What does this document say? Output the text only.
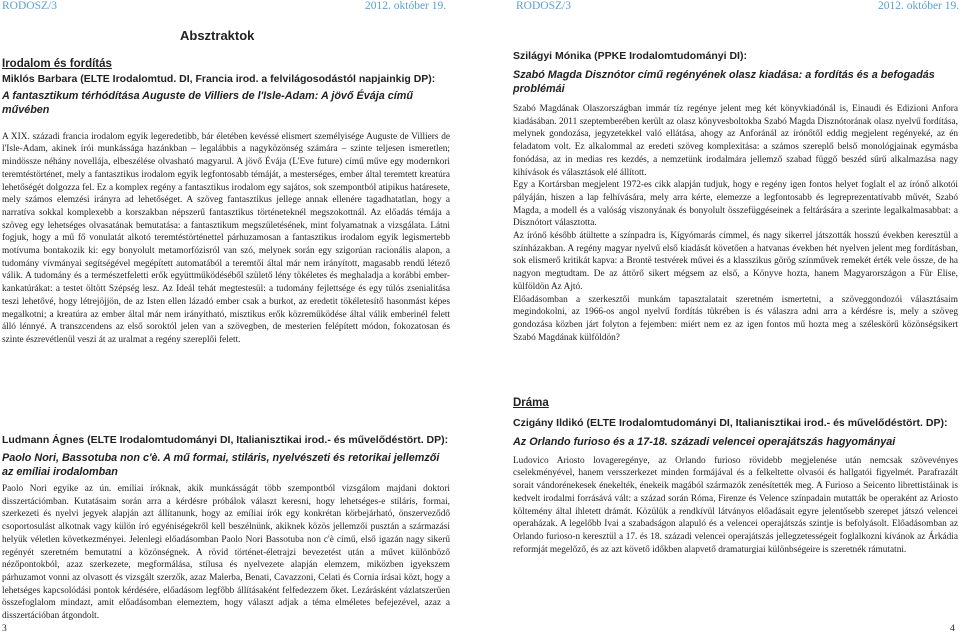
RODOSZ/3	2012. október 19.
Absztraktok
Irodalom és fordítás
Miklós Barbara (ELTE Irodalomtud. DI, Francia irod. a felvilágosodástól napjainkig DP):
A fantasztikum térhódítása Auguste de Villiers de l'Isle-Adam: A jövő Évája című művében
A XIX. századi francia irodalom egyik legeredetibb, bár életében kevéssé elismert személyisége Auguste de Villiers de l'Isle-Adam, akinek írói munkássága hazánkban – legalábbis a nagyközönség számára – szinte teljesen ismeretlen; mindössze néhány novellája, elbeszélése olvasható magyarul. A jövő Évája (L'Eve future) című műve egy modernkori teremtéstörténet, mely a fantasztikus irodalom egyik legfontosabb témáját, a mesterséges, ember által teremtett kreatúra lehetőségét dolgozza fel. Ez a komplex regény a fantasztikus irodalom egy sajátos, sok szempontból atipikus határesete, mely számos elemzési irányra ad lehetőséget. A szöveg fantasztikus jellege annak ellenére tagadhatatlan, hogy a narratíva sokkal komplexebb a korszakban népszerű fantasztikus történeteknél megszokottnál. Az előadás témája a szöveg egy lehetséges olvasatának bemutatása: a fantasztikum megszületésének, mint folyamatnak a vizsgálata. Látni fogjuk, hogy a mű fő vonulatát alkotó teremtéstörténettel párhuzamosan a fantasztikus irodalom egyik legismertebb motívuma bontakozik ki: egy bonyolult metamorfózisról van szó, melynek során egy szigorúan racionális alapon, a tudomány vívmányai segítségével megépített automatából a teremtői által már nem irányított, magasabb rendű létező válik. A tudomány és a természetfeletti erők együttműködéséből születő lény tökéletes és meghaladja a korábbi ember-kankatúrákat: a testet öltött Szépség lesz. Az Ideál tehát megtestesül: a tudomány fejlettsége és egy túlós zsenialitása teszi lehetővé, hogy létrejöjjön, de az Isten ellen lázadó ember csak a burkot, az eredetit tökéletesítő hasonmást képes megalkotni; a kreatúra az ember által már nem irányítható, misztikus erők közreműködése által válik emberinél felett álló lénnyé. A transzcendens az első soroktól jelen van a szövegben, de mesterien felépített módon, fokozatosan és szinte észrevétlenül veszi át az uralmat a regény szereplői felett.
Ludmann Ágnes (ELTE Irodalomtudományi DI, Italianisztikai irod.- és művelődéstört. DP):
Paolo Nori, Bassotuba non c'è. A mű formai, stiláris, nyelvészeti és retorikai jellemzői az emíliai irodalomban
Paolo Nori egyike az ún. emíliai íróknak, akik munkásságát több szempontból vizsgálom majdani doktori disszertációmban. Kutatásaim során arra a kérdésre próbálok választ keresni, hogy lehetséges-e stiláris, formai, szerkezeti és nyelvi jegyek alapján azt állítanunk, hogy az emíliai írók egy konkrétan körbejárható, önszerveződő csoportosulást alkotnak vagy külön író egyéniségekről kell beszélnünk, akiknek közös jellemzői pusztán a származási helyük véletlen következményei. Jelenlegi előadásomban Paolo Nori Bassotuba non c'è című, első igazán nagy sikerű regényét szeretném bemutatni a közönségnek. A rövid történet-életrajzi bevezetést után a művet különböző nézőpontokból, azaz szerkezete, megformálása, stílusa és nyelvezete alapján elemzem, miközben igyekszem párhuzamot vonni az olvasott és vizsgált szerzők, azaz Malerba, Benati, Cavazzoni, Celati és Cornia írásai közt, hogy a lehetséges kapcsolódási pontok kérdésére, előadásom legfőbb állításaként felfedezzem őket. Lezárásként vázlatszerűen összefoglalom mindazt, amit előadásomban elemeztem, hogy választ adjak a téma elméletes befejezével, azaz a disszertációban átgondolt.
3
RODOSZ/3	2012. október 19.
Szilágyi Mónika (PPKE Irodalomtudományi DI):
Szabó Magda Disznótor című regényének olasz kiadása: a fordítás és a befogadás problémái
Szabó Magdának Olaszországban immár tíz regénye jelent meg két könyvkiadónál is, Einaudi és Edizioni Anfora kiadásában. 2011 szeptemberében került az olasz könyvesboltokba Szabó Magda Disznótorának olasz nyelvű fordítása, melynek gondozása, jegyzetekkel való ellátása, ahogy az Anforánál az írónőtől eddig megjelent regényeké, az én feladatom volt. Ez alkalommal az eredeti szöveg komplexitása: a számos szereplő belső monológjainak egymásba fonódása, az in medias res kezdés, a nemzetünk irodalmára jellemző szabad függő beszéd sűrű alkalmazása nagy kihívások és választások elé állított.
Egy a Kortársban megjelent 1972-es cikk alapján tudjuk, hogy e regény igen fontos helyet foglalt el az írónő alkotói pályáján, hiszen a lap felhívására, mely arra kérte, elemezze a legfontosabb és legreprezentatívabb művét, Szabó Magda, a modell és a valóság viszonyának és bonyolult összefüggéseinek a feltárására a szerinte legalkalmasabbat: a Disznótort választotta.
Az írónő később átültette a színpadra is, Kígyómarás címmel, és nagy sikerrel játszották hosszú években keresztül a színházakban. A regény magyar nyelvű első kiadását követően a hatvanas években hét nyelven jelent meg fordításban, sok elismerő kritikát kapva: a Brontë testvérek művei és a klasszikus görög színművek remekét érték vele össze, de ha nagyon megtudtam. De az áttörő sikert mégsem az első, a Könyve hozta, hanem Magyarországon a Für Elise, külföldön Az Ajtó.
Előadásomban a szerkesztői munkám tapasztalatait szeretném ismertetni, a szöveggondozói választásaim megindokolni, az 1966-os angol nyelvű fordítás tükrében is és válaszra adni arra a kérdésre is, mely a szöveg gondozása közben járt folyton a fejemben: miért nem ez az igen fontos mű hozta meg a széleskörű közönségsikert Szabó Magdának külföldön?
Dráma
Czigány Ildikó (ELTE Irodalomtudományi DI, Italianisztikai irod.- és művelődéstört. DP):
Az Orlando furioso és a 17-18. századi velencei operajátszás hagyományai
Ludovico Ariosto lovageregénye, az Orlando furioso rövidebb megjelenése után nemcsak szövevényes cselekményével, hanem versszerkezet minden formájával és a felkeltette olvasói és hallgatói figyelmét. Parafrazált sorait vándorénekesek énekelték, énekeik magából származók zenésítették meg. A Furioso a Seicento librettistáinak is kedvelt irodalmi forrásává vált: a század során Róma, Firenze és Velence színpadain mutatták be operaként az Ariosto költemény által ihletett drámát. Közülük a rendkívül látványos előadásait egyre jelentősebb szerepet játszó velencei operaházak. A legelőbb Ivai a szabadságon alapuló és a velencei operajátszás szintje is befolyásolt. Előadásomban az Orlando furioso-n keresztül a 17. és 18. századi velencei operajátszás jellegzetességeit foglalkozni kívánok az Árkádia reformját megelőző, és az azt követő időkben alapvető dramaturgiai különbségeire is szeretnék rámutatni.
4
